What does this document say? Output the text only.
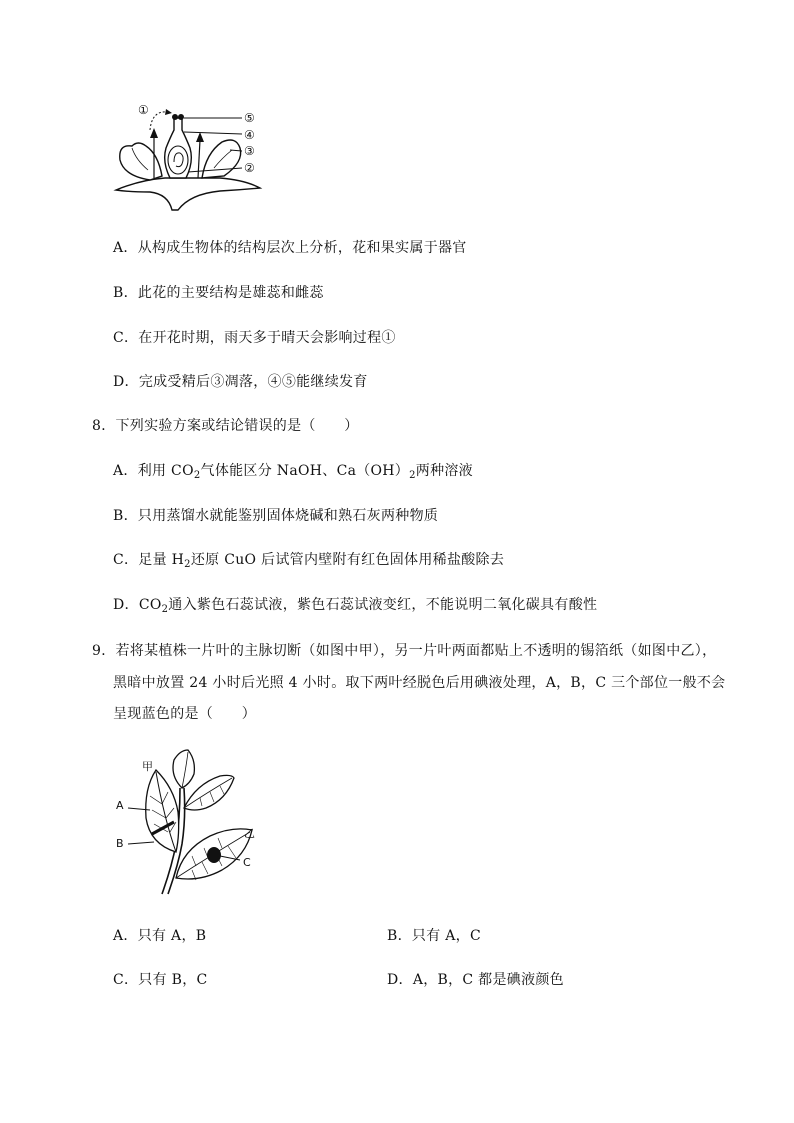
①
⑤
④
③
②
A．从构成生物体的结构层次上分析，花和果实属于器官
B．此花的主要结构是雄蕊和雌蕊
C．在开花时期，雨天多于晴天会影响过程①
D．完成受精后③凋落，④⑤能继续发育
8．下列实验方案或结论错误的是（　　）
A．利用 $CO_2$气体能区分 NaOH、$Ca(OH)_2$两种溶液
B．只用蒸馏水就能鉴别固体烧碱和熟石灰两种物质
C．足量 $H_2$还原 CuO 后试管内壁附有红色固体用稀盐酸除去
D．$CO_2$通入紫色石蕊试液，紫色石蕊试液变红，不能说明二氧化碳具有酸性
9．若将某植株一片叶的主脉切断（如图中甲），另一片叶两面都贴上不透明的锡箔纸（如图中乙），
黑暗中放置 24 小时后光照 4 小时。取下两叶经脱色后用碘液处理，A，B，C 三个部位一般不会
呈现蓝色的是（　　）
甲
A
B
乙
C
A．只有 A，B	B．只有 A，C
C．只有 B，C	D．A，B，C 都是碘液颜色
